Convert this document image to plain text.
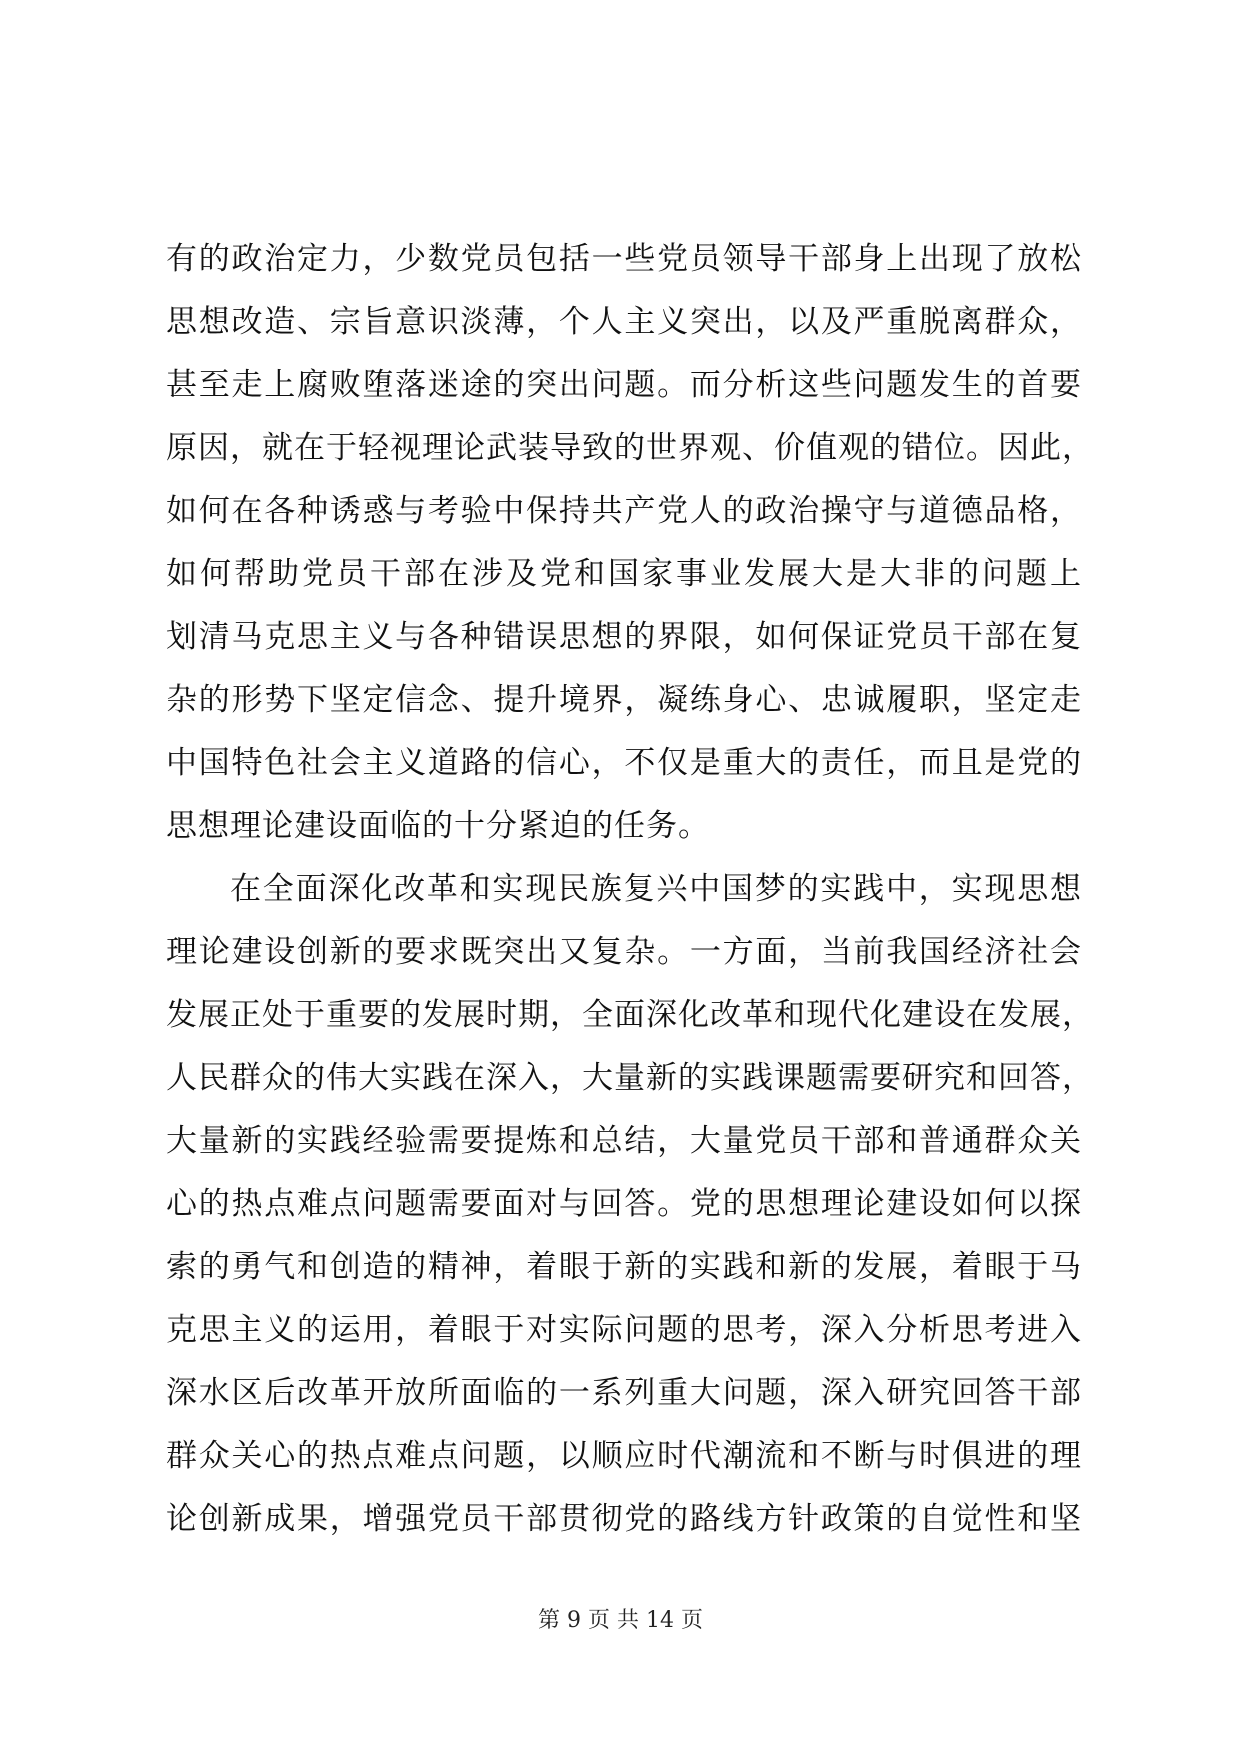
有的政治定力，少数党员包括一些党员领导干部身上出现了放松
思想改造、宗旨意识淡薄，个人主义突出，以及严重脱离群众，
甚至走上腐败堕落迷途的突出问题。而分析这些问题发生的首要
原因，就在于轻视理论武装导致的世界观、价值观的错位。因此，
如何在各种诱惑与考验中保持共产党人的政治操守与道德品格，
如何帮助党员干部在涉及党和国家事业发展大是大非的问题上
划清马克思主义与各种错误思想的界限，如何保证党员干部在复
杂的形势下坚定信念、提升境界，凝练身心、忠诚履职，坚定走
中国特色社会主义道路的信心，不仅是重大的责任，而且是党的
思想理论建设面临的十分紧迫的任务。
在全面深化改革和实现民族复兴中国梦的实践中，实现思想
理论建设创新的要求既突出又复杂。一方面，当前我国经济社会
发展正处于重要的发展时期，全面深化改革和现代化建设在发展，
人民群众的伟大实践在深入，大量新的实践课题需要研究和回答，
大量新的实践经验需要提炼和总结，大量党员干部和普通群众关
心的热点难点问题需要面对与回答。党的思想理论建设如何以探
索的勇气和创造的精神，着眼于新的实践和新的发展，着眼于马
克思主义的运用，着眼于对实际问题的思考，深入分析思考进入
深水区后改革开放所面临的一系列重大问题，深入研究回答干部
群众关心的热点难点问题，以顺应时代潮流和不断与时俱进的理
论创新成果，增强党员干部贯彻党的路线方针政策的自觉性和坚
第 9 页 共 14 页
